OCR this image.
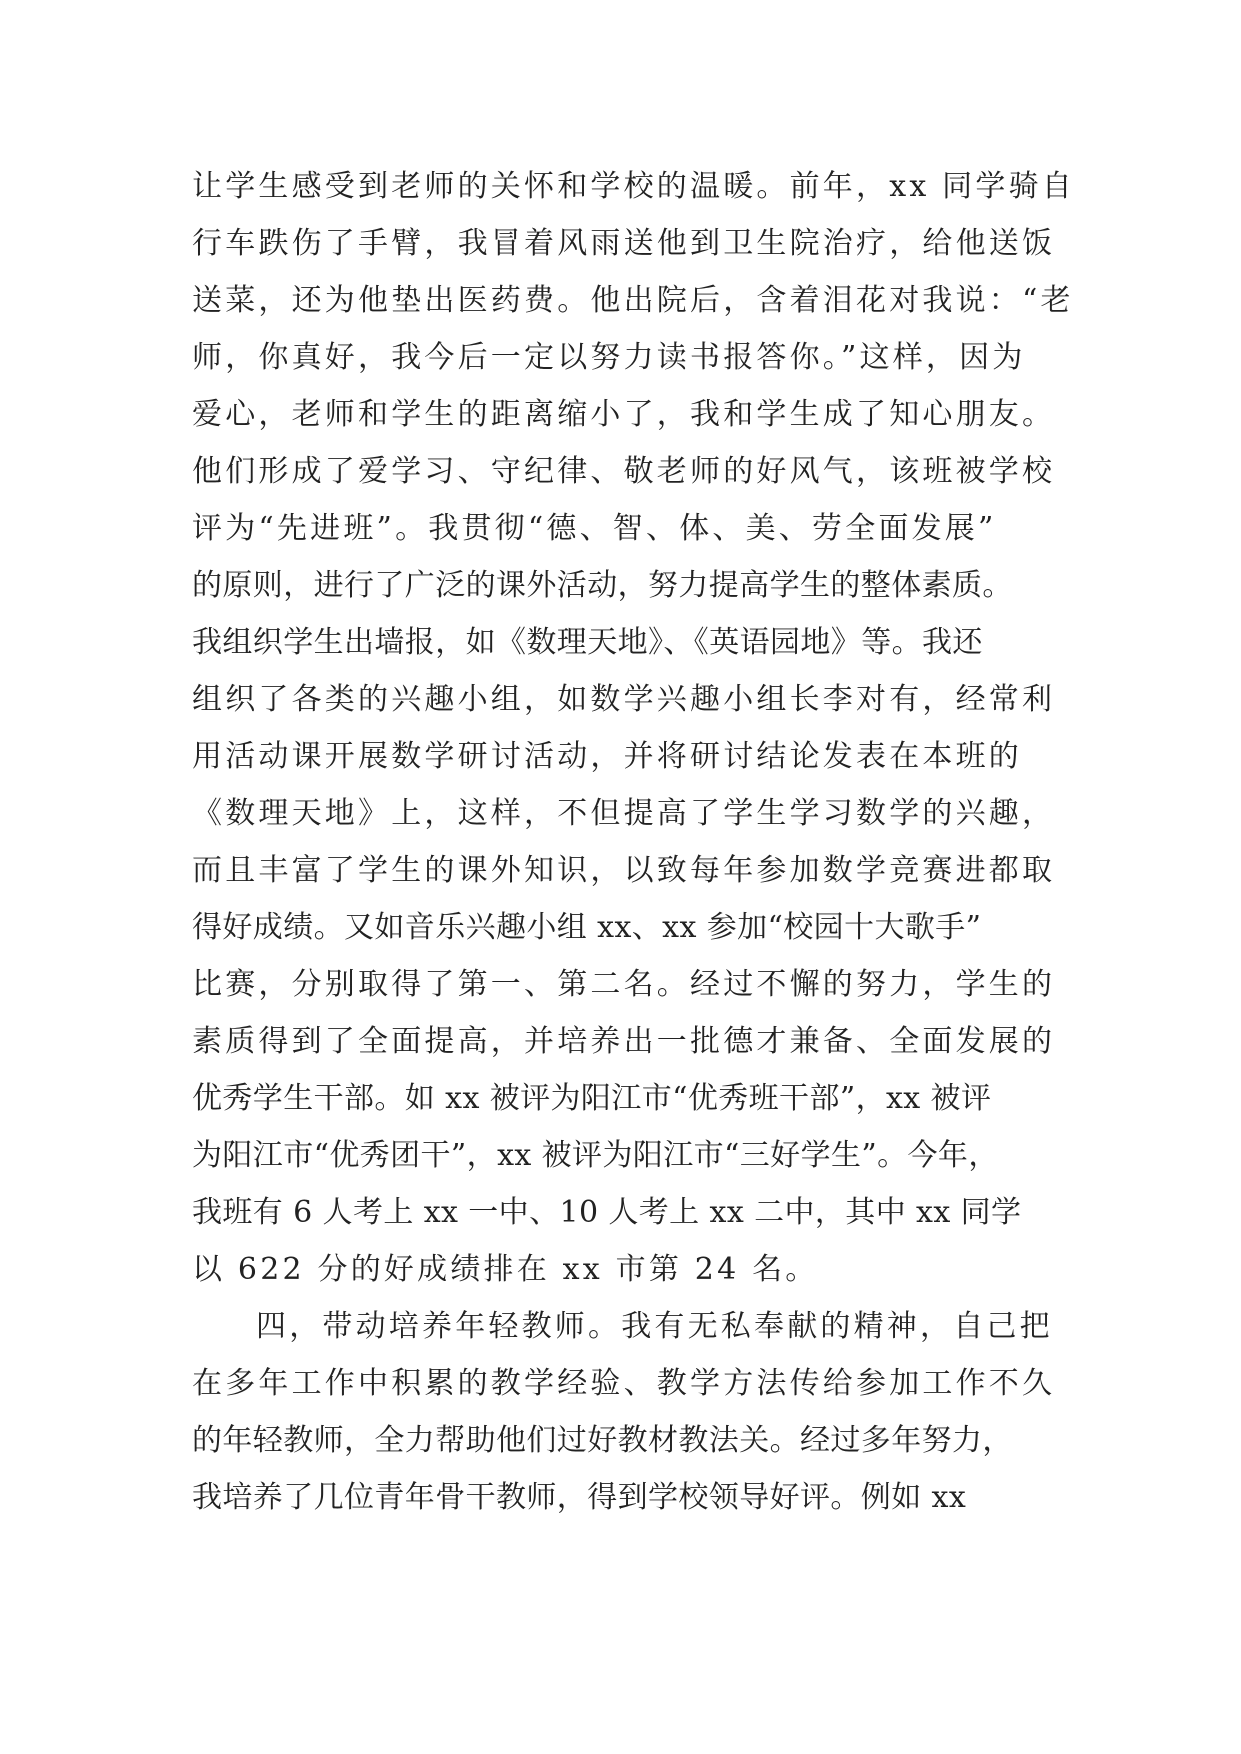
让学生感受到老师的关怀和学校的温暖。前年，xx 同学骑自
行车跌伤了手臂，我冒着风雨送他到卫生院治疗，给他送饭
送菜，还为他垫出医药费。他出院后，含着泪花对我说：“老
师，你真好，我今后一定以努力读书报答你。”这样，因为
爱心，老师和学生的距离缩小了，我和学生成了知心朋友。
他们形成了爱学习、守纪律、敬老师的好风气，该班被学校
评为“先进班”。我贯彻“德、智、体、美、劳全面发展”
的原则，进行了广泛的课外活动，努力提高学生的整体素质。
我组织学生出墙报，如《数理天地》、《英语园地》等。我还
组织了各类的兴趣小组，如数学兴趣小组长李对有，经常利
用活动课开展数学研讨活动，并将研讨结论发表在本班的
《数理天地》上，这样，不但提高了学生学习数学的兴趣，
而且丰富了学生的课外知识，以致每年参加数学竞赛进都取
得好成绩。又如音乐兴趣小组 xx、xx 参加“校园十大歌手”
比赛，分别取得了第一、第二名。经过不懈的努力，学生的
素质得到了全面提高，并培养出一批德才兼备、全面发展的
优秀学生干部。如 xx 被评为阳江市“优秀班干部”，xx 被评
为阳江市“优秀团干”，xx 被评为阳江市“三好学生”。今年，
我班有 6 人考上 xx 一中、10 人考上 xx 二中，其中 xx 同学
以 622 分的好成绩排在 xx 市第 24 名。
四，带动培养年轻教师。我有无私奉献的精神，自己把
在多年工作中积累的教学经验、教学方法传给参加工作不久
的年轻教师，全力帮助他们过好教材教法关。经过多年努力，
我培养了几位青年骨干教师，得到学校领导好评。例如 xx
